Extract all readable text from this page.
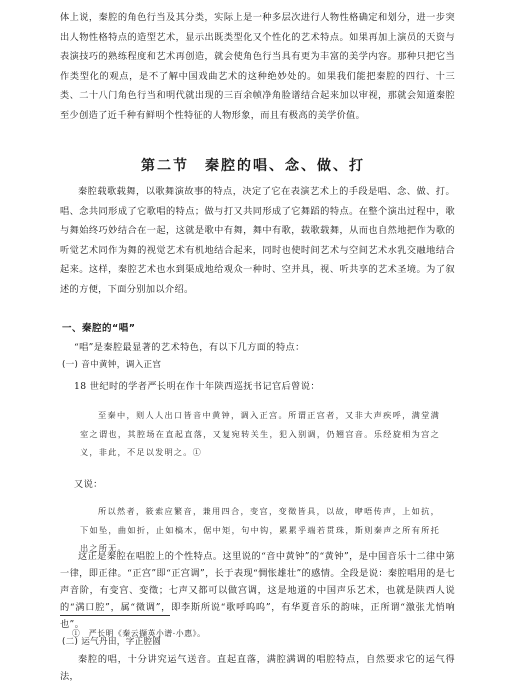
体上说，秦腔的角色行当及其分类，实际上是一种多层次进行人物性格确定和划分，进一步突出人物性格特点的造型艺术，显示出既类型化又个性化的艺术特点。如果再加上演员的天资与表演技巧的熟练程度和艺术再创造，就会使角色行当具有更为丰富的美学内容。那种只把它当作类型化的观点，是不了解中国戏曲艺术的这种绝妙处的。如果我们能把秦腔的四行、十三类、二十八门角色行当和明代就出现的三百余帧净角脸谱结合起来加以审视，那就会知道秦腔至少创造了近千种有鲜明个性特征的人物形象，而且有极高的美学价值。
第二节　秦腔的唱、念、做、打
秦腔载歌载舞，以歌舞演故事的特点，决定了它在表演艺术上的手段是唱、念、做、打。唱、念共同形成了它歌唱的特点；做与打又共同形成了它舞蹈的特点。在整个演出过程中，歌与舞始终巧妙结合在一起，这就是歌中有舞，舞中有歌，载歌载舞，从而也自然地把作为歌的听觉艺术同作为舞的视觉艺术有机地结合起来，同时也使时间艺术与空间艺术水乳交融地结合起来。这样，秦腔艺术也水到渠成地给观众一种时、空并具，视、听共享的艺术圣境。为了叙述的方便，下面分别加以介绍。
一、秦腔的“唱”
“唱”是秦腔最显著的艺术特色，有以下几方面的特点：
(一) 音中黄钟，调入正宫
18 世纪时的学者严长明在作十年陕西巡抚书记官后曾说：
至秦中，则人人出口皆音中黄钟，调入正宫。所谓正宫者，又非大声疾呼，满堂满室之谓也，其腔场在直起直落，又复宛转关生，犯入别调，仍翘宫音。乐经旋相为宫之义，非此，不足以发明之。①
又说：
所以然者，筱索应繁音，兼用四合，变宫，变徵皆具，以故，咿唔传声，上如抗，下如坠，曲如折，止如槁木，倨中矩，句中钩，累累乎端若贯珠，斯则秦声之所有所托出之所无。
这正是秦腔在唱腔上的个性特点。这里说的“音中黄钟”的“黄钟”，是中国音乐十二律中第一律，即正律。“正宫”即“正宫调”，长于表现“惆怅雄壮”的感情。全段是说：秦腔唱用的是七声音阶，有变宫、变徵；七声又都可以做宫调，这是地道的中国声乐艺术，也就是陕西人说的“满口腔”，属“微调”，即李斯所说“歌呼呜呜”，有华夏音乐的韵味，正所谓“激张尤悄响也”。
①　严长明《秦云撷英小谱·小惠》。
(二) 运气丹田，字正腔圆
秦腔的唱，十分讲究运气送音。直起直落，满腔满调的唱腔特点，自然要求它的运气得法，
